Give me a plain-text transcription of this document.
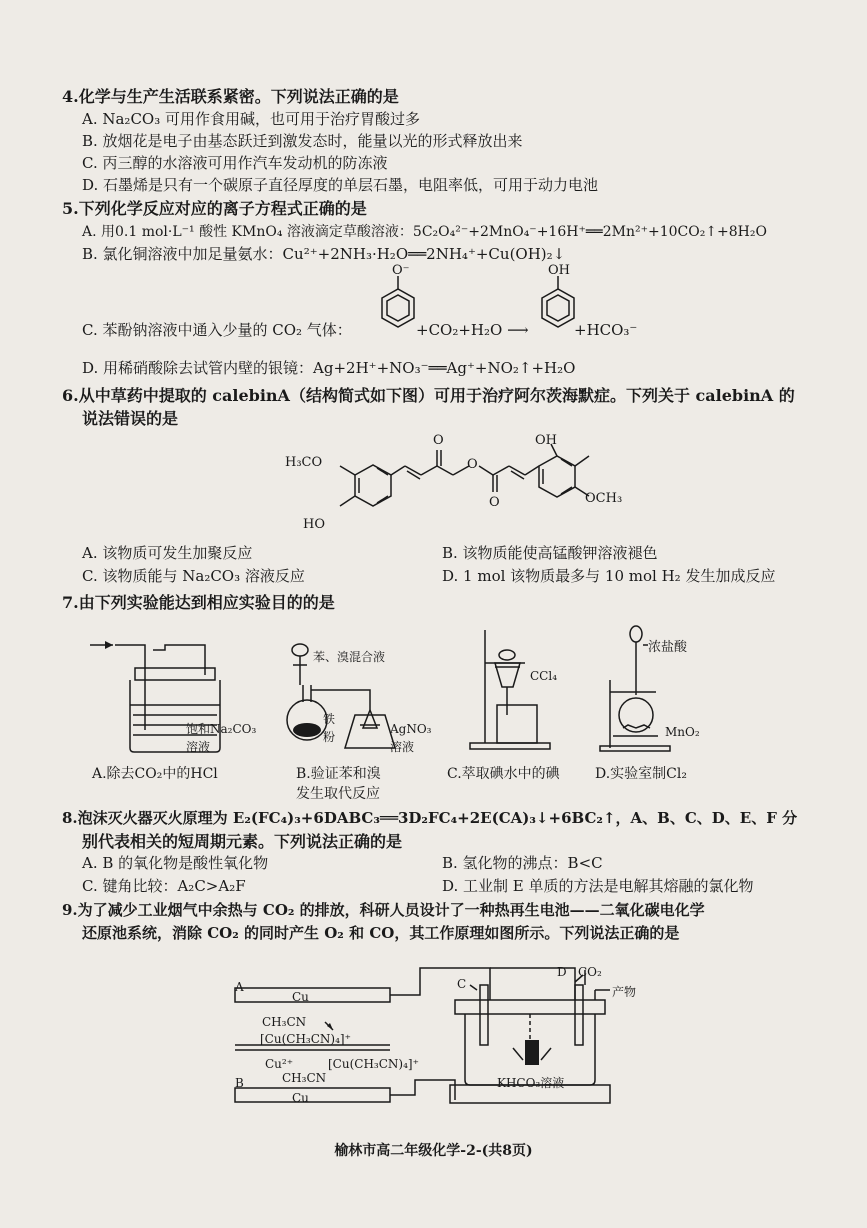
4.化学与生产生活联系紧密。下列说法正确的是
A. Na₂CO₃ 可用作食用碱，也可用于治疗胃酸过多
B. 放烟花是电子由基态跃迁到激发态时，能量以光的形式释放出来
C. 丙三醇的水溶液可用作汽车发动机的防冻液
D. 石墨烯是只有一个碳原子直径厚度的单层石墨，电阻率低，可用于动力电池
5.下列化学反应对应的离子方程式正确的是
A. 用0.1 mol·L⁻¹ 酸性 KMnO₄ 溶液滴定草酸溶液：5C₂O₄²⁻+2MnO₄⁻+16H⁺══2Mn²⁺+10CO₂↑+8H₂O
B. 氯化铜溶液中加足量氨水：Cu²⁺+2NH₃·H₂O══2NH₄⁺+Cu(OH)₂↓
C. 苯酚钠溶液中通入少量的 CO₂ 气体：
O⁻
+CO₂+H₂O ⟶
OH
+HCO₃⁻
D. 用稀硝酸除去试管内壁的银镜：Ag+2H⁺+NO₃⁻══Ag⁺+NO₂↑+H₂O
6.从中草药中提取的 calebinA（结构简式如下图）可用于治疗阿尔茨海默症。下列关于 calebinA 的
说法错误的是
H₃CO
HO
O
O
O
OH
OCH₃
A. 该物质可发生加聚反应	B. 该物质能使高锰酸钾溶液褪色
C. 该物质能与 Na₂CO₃ 溶液反应	D. 1 mol 该物质最多与 10 mol H₂ 发生加成反应
7.由下列实验能达到相应实验目的的是
饱和Na₂CO₃
溶液
苯、溴混合液
铁
粉
AgNO₃
溶液
CCl₄
浓盐酸
MnO₂
A.除去CO₂中的HCl	B.验证苯和溴
发生取代反应
C.萃取碘水中的碘	D.实验室制Cl₂
8.泡沫灭火器灭火原理为 E₂(FC₄)₃+6DABC₃══3D₂FC₄+2E(CA)₃↓+6BC₂↑，A、B、C、D、E、F 分
别代表相关的短周期元素。下列说法正确的是
A. B 的氧化物是酸性氧化物	B. 氢化物的沸点：B<C
C. 键角比较：A₂C>A₂F	D. 工业制 E 单质的方法是电解其熔融的氯化物
9.为了减少工业烟气中余热与 CO₂ 的排放，科研人员设计了一种热再生电池——二氧化碳电化学
还原池系统，消除 CO₂ 的同时产生 O₂ 和 CO，其工作原理如图所示。下列说法正确的是
A
Cu
CH₃CN
[Cu(CH₃CN)₄]⁺
Cu²⁺	[Cu(CH₃CN)₄]⁺
CH₃CN
B
Cu
C
D CO₂
产物
KHCO₃溶液
榆林市高二年级化学-2-(共8页)
